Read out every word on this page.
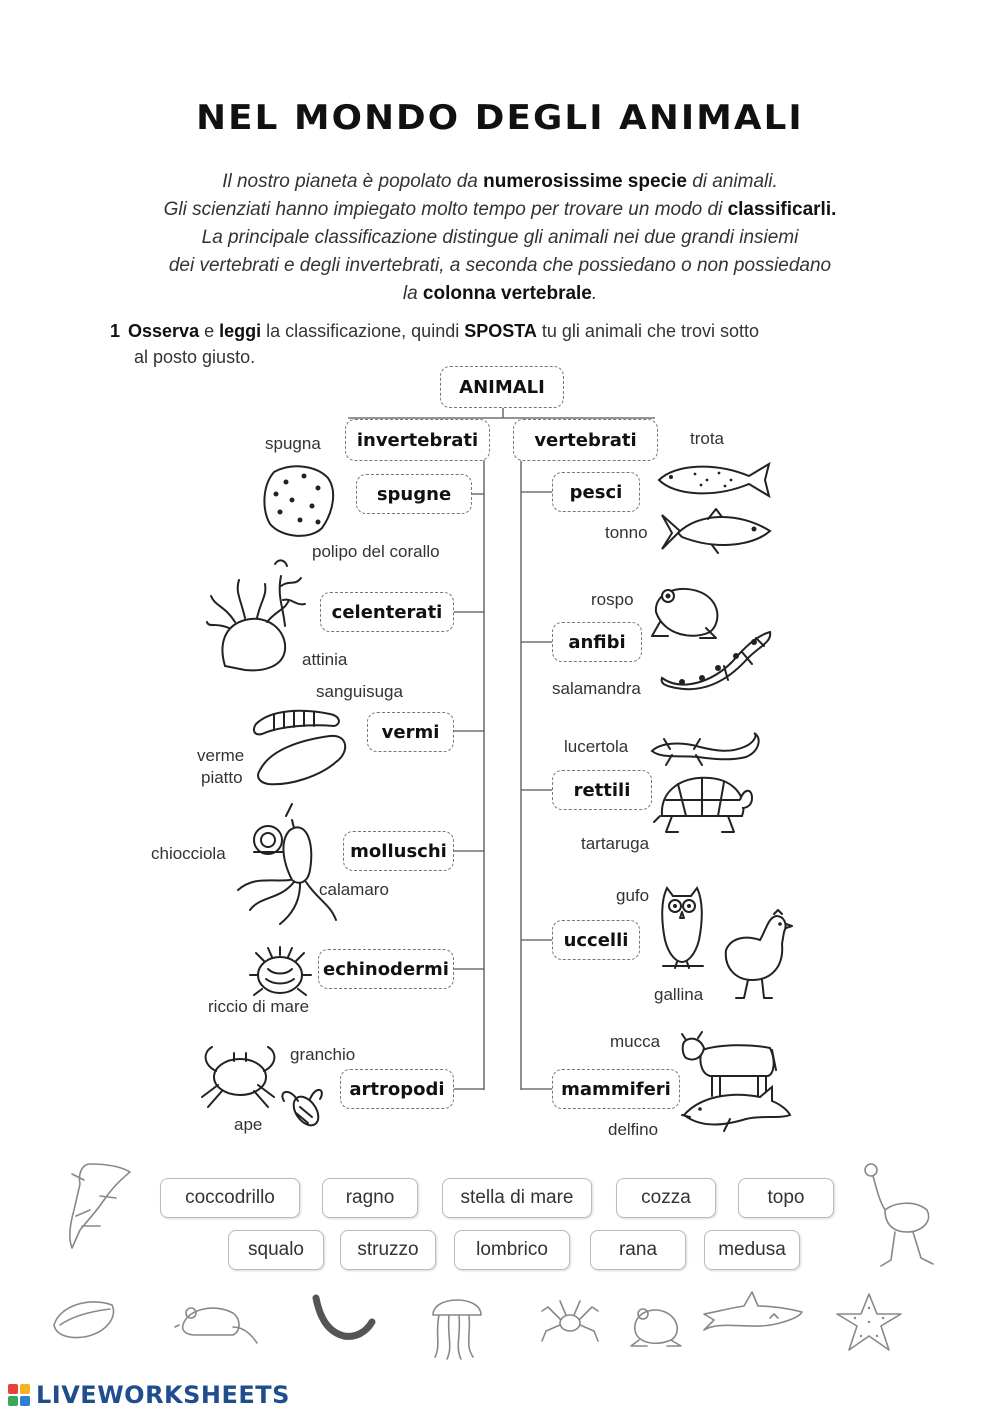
NEL MONDO DEGLI ANIMALI
Il nostro pianeta è popolato da numerosissime specie di animali.
Gli scienziati hanno impiegato molto tempo per trovare un modo di classificarli.
La principale classificazione distingue gli animali nei due grandi insiemi
dei vertebrati e degli invertebrati, a seconda che possiedano o non possiedano
la colonna vertebrale.
1 Osserva e leggi la classificazione, quindi SPOSTA tu gli animali che trovi sotto
al posto giusto.
ANIMALI
invertebrati	vertebrati
spugne
celenterati
vermi
molluschi
echinodermi
artropodi
pesci
anfibi
rettili
uccelli
mammiferi
spugna
polipo del corallo
attinia
sanguisuga
verme
piatto
chiocciola
calamaro
riccio di mare
granchio
ape
trota
tonno
rospo
salamandra
lucertola
tartaruga
gufo
gallina
mucca
delfino
coccodrillo	ragno	stella di mare	cozza	topo
squalo	struzzo	lombrico	rana	medusa
LIVEWORKSHEETS
